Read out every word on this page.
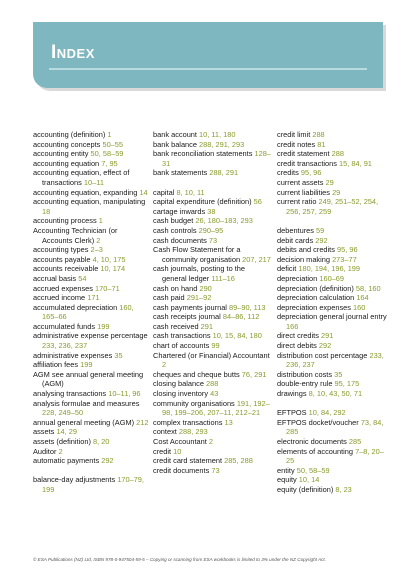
Index

accounting (definition) 1

accounting concepts 50–55

accounting entity 50, 58–59

accounting equation 7, 95

accounting equation, effect of transactions 10–11

accounting equation, expanding 14

accounting equation, manipulating 18

accounting process 1

Accounting Technician (or Accounts Clerk) 2

accounting types 2–3

accounts payable 4, 10, 175

accounts receivable 10, 174

accrual basis 54

accrued expenses 170–71

accrued income 171

accumulated depreciation 160, 165–66

accumulated funds 199

administrative expense percentage 233, 236, 237

administrative expenses 35

affiliation fees 199

AGM see annual general meeting (AGM)

analysing transactions 10–11, 96

analysis formulae and measures 228, 249–50

annual general meeting (AGM) 212

assets 14, 29

assets (definition) 8, 20

Auditor 2

automatic payments 292

balance-day adjustments 170–79, 199

bank account 10, 11, 180

bank balance 288, 291, 293

bank reconciliation statements 128–31

bank statements 288, 291

capital 8, 10, 11

capital expenditure (definition) 56

cartage inwards 38

cash budget 26, 180–183, 293

cash controls 290–95

cash documents 73

Cash Flow Statement for a community organisation 207, 217

cash journals, posting to the general ledger 111–16

cash on hand 290

cash paid 291–92

cash payments journal 89–90, 113

cash receipts journal 84–86, 112

cash received 291

cash transactions 10, 15, 84, 180

chart of accounts 99

Chartered (or Financial) Accountant 2

cheques and cheque butts 76, 291

closing balance 288

closing inventory 43

community organisations 191, 192–98, 199–206, 207–11, 212–21

complex transactions 13

context 288, 293

Cost Accountant 2

credit 10

credit card statement 285, 288

credit documents 73

credit limit 288

credit notes 81

credit statement 288

credit transactions 15, 84, 91

credits 95, 96

current assets 29

current liabilities 29

current ratio 249, 251–52, 254, 256, 257, 259

debentures 59

debit cards 292

debits and credits 95, 96

decision making 273–77

deficit 180, 194, 196, 199

depreciation 160–69

depreciation (definition) 58, 160

depreciation calculation 164

depreciation expenses 160

depreciation general journal entry 166

direct credits 291

direct debits 292

distribution cost percentage 233, 236, 237

distribution costs 35

double-entry rule 95, 175

drawings 8, 10, 43, 50, 71

EFTPOS 10, 84, 292

EFTPOS docket/voucher 73, 84, 285

electronic documents 285

elements of accounting 7–8, 20–25

entity 50, 58–59

equity 10, 14

equity (definition) 8, 23

© ESA Publications (NZ) Ltd, ISBN 978-0-947504-59-5 – Copying or scanning from ESA workbooks is limited to 3% under the NZ Copyright Act.
